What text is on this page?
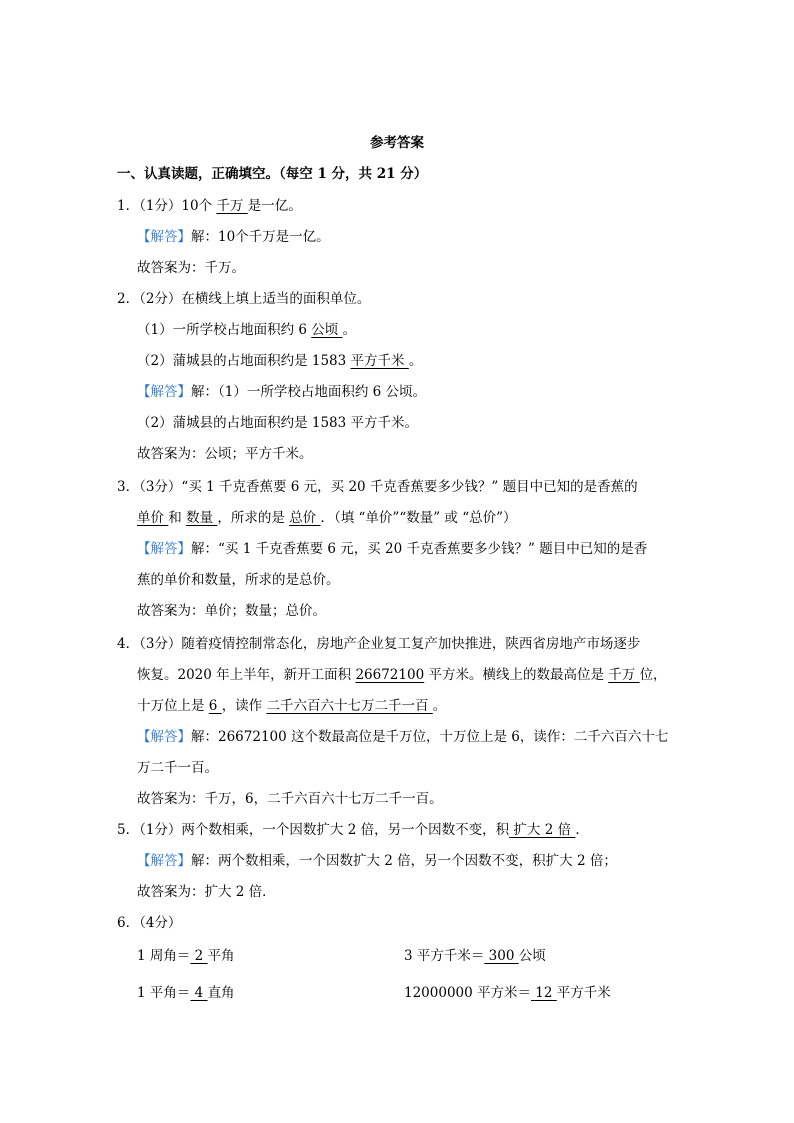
参考答案
一、认真读题，正确填空。（每空 1 分，共 21 分）
1．（1分）10个 千万 是一亿。
【解答】解：10个千万是一亿。
故答案为：千万。
2．（2分）在横线上填上适当的面积单位。
（1）一所学校占地面积约 6 公顷 。
（2）蒲城县的占地面积约是 1583 平方千米 。
【解答】解：（1）一所学校占地面积约 6 公顷。
（2）蒲城县的占地面积约是 1583 平方千米。
故答案为：公顷；平方千米。
3．（3分）“买 1 千克香蕉要 6 元，买 20 千克香蕉要多少钱？” 题目中已知的是香蕉的
单价 和 数量 ，所求的是 总价 ．（填 “单价”“数量” 或 “总价”）
【解答】解：“买 1 千克香蕉要 6 元，买 20 千克香蕉要多少钱？” 题目中已知的是香
蕉的单价和数量，所求的是总价。
故答案为：单价；数量；总价。
4．（3分）随着疫情控制常态化，房地产企业复工复产加快推进，陕西省房地产市场逐步
恢复。2020 年上半年，新开工面积 26672100 平方米。横线上的数最高位是 千万 位，
十万位上是 6 ，读作 二千六百六十七万二千一百 。
【解答】解：26672100 这个数最高位是千万位，十万位上是 6，读作：二千六百六十七
万二千一百。
故答案为：千万，6，二千六百六十七万二千一百。
5．（1分）两个数相乘，一个因数扩大 2 倍，另一个因数不变，积 扩大 2 倍 ．
【解答】解：两个数相乘，一个因数扩大 2 倍，另一个因数不变，积扩大 2 倍；
故答案为：扩大 2 倍．
6．（4分）
1 周角＝ 2 平角	3 平方千米＝ 300 公顷
1 平角＝ 4 直角	12000000 平方米＝ 12 平方千米
